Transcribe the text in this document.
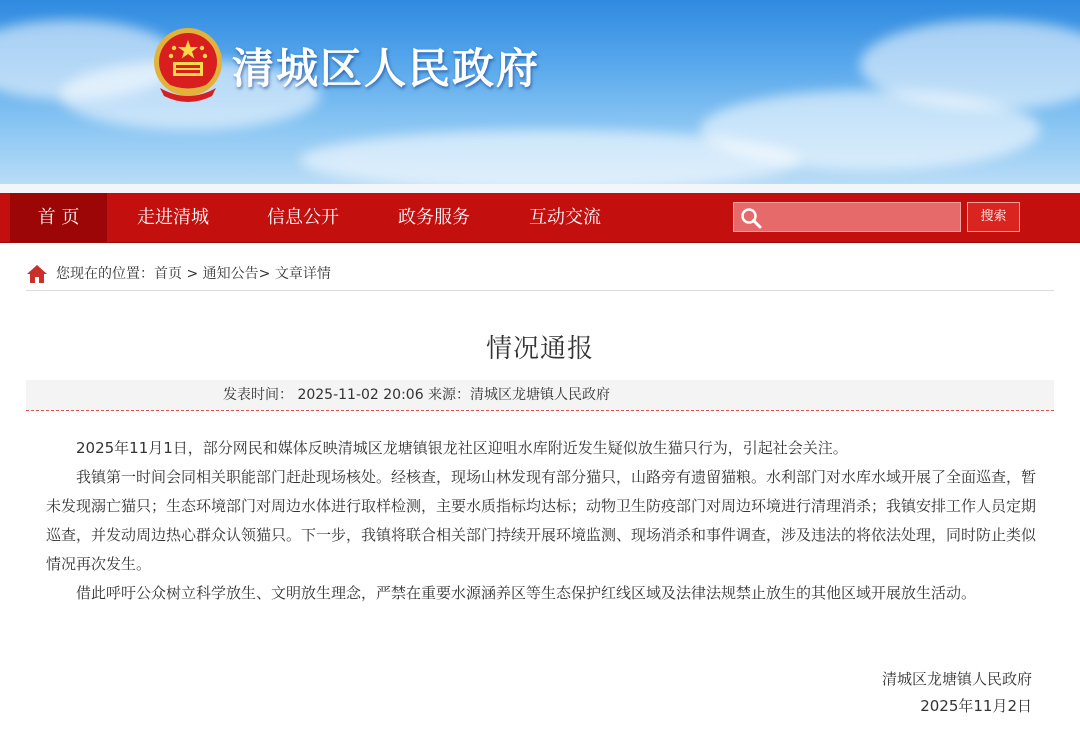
清城区人民政府
首 页	走进清城	信息公开	政务服务	互动交流	搜索
您现在的位置：首页 > 通知公告> 文章详情
情况通报
发表时间： 2025-11-02 20:06 来源：清城区龙塘镇人民政府

2025年11月1日，部分网民和媒体反映清城区龙塘镇银龙社区迎咀水库附近发生疑似放生猫只行为，引起社会关注。

我镇第一时间会同相关职能部门赶赴现场核处。经核查，现场山林发现有部分猫只，山路旁有遗留猫粮。水利部门对水库水域开展了全面巡查，暂未发现溺亡猫只；生态环境部门对周边水体进行取样检测，主要水质指标均达标；动物卫生防疫部门对周边环境进行清理消杀；我镇安排工作人员定期巡查，并发动周边热心群众认领猫只。下一步，我镇将联合相关部门持续开展环境监测、现场消杀和事件调查，涉及违法的将依法处理，同时防止类似情况再次发生。

借此呼吁公众树立科学放生、文明放生理念，严禁在重要水源涵养区等生态保护红线区域及法律法规禁止放生的其他区域开展放生活动。

清城区龙塘镇人民政府
2025年11月2日
